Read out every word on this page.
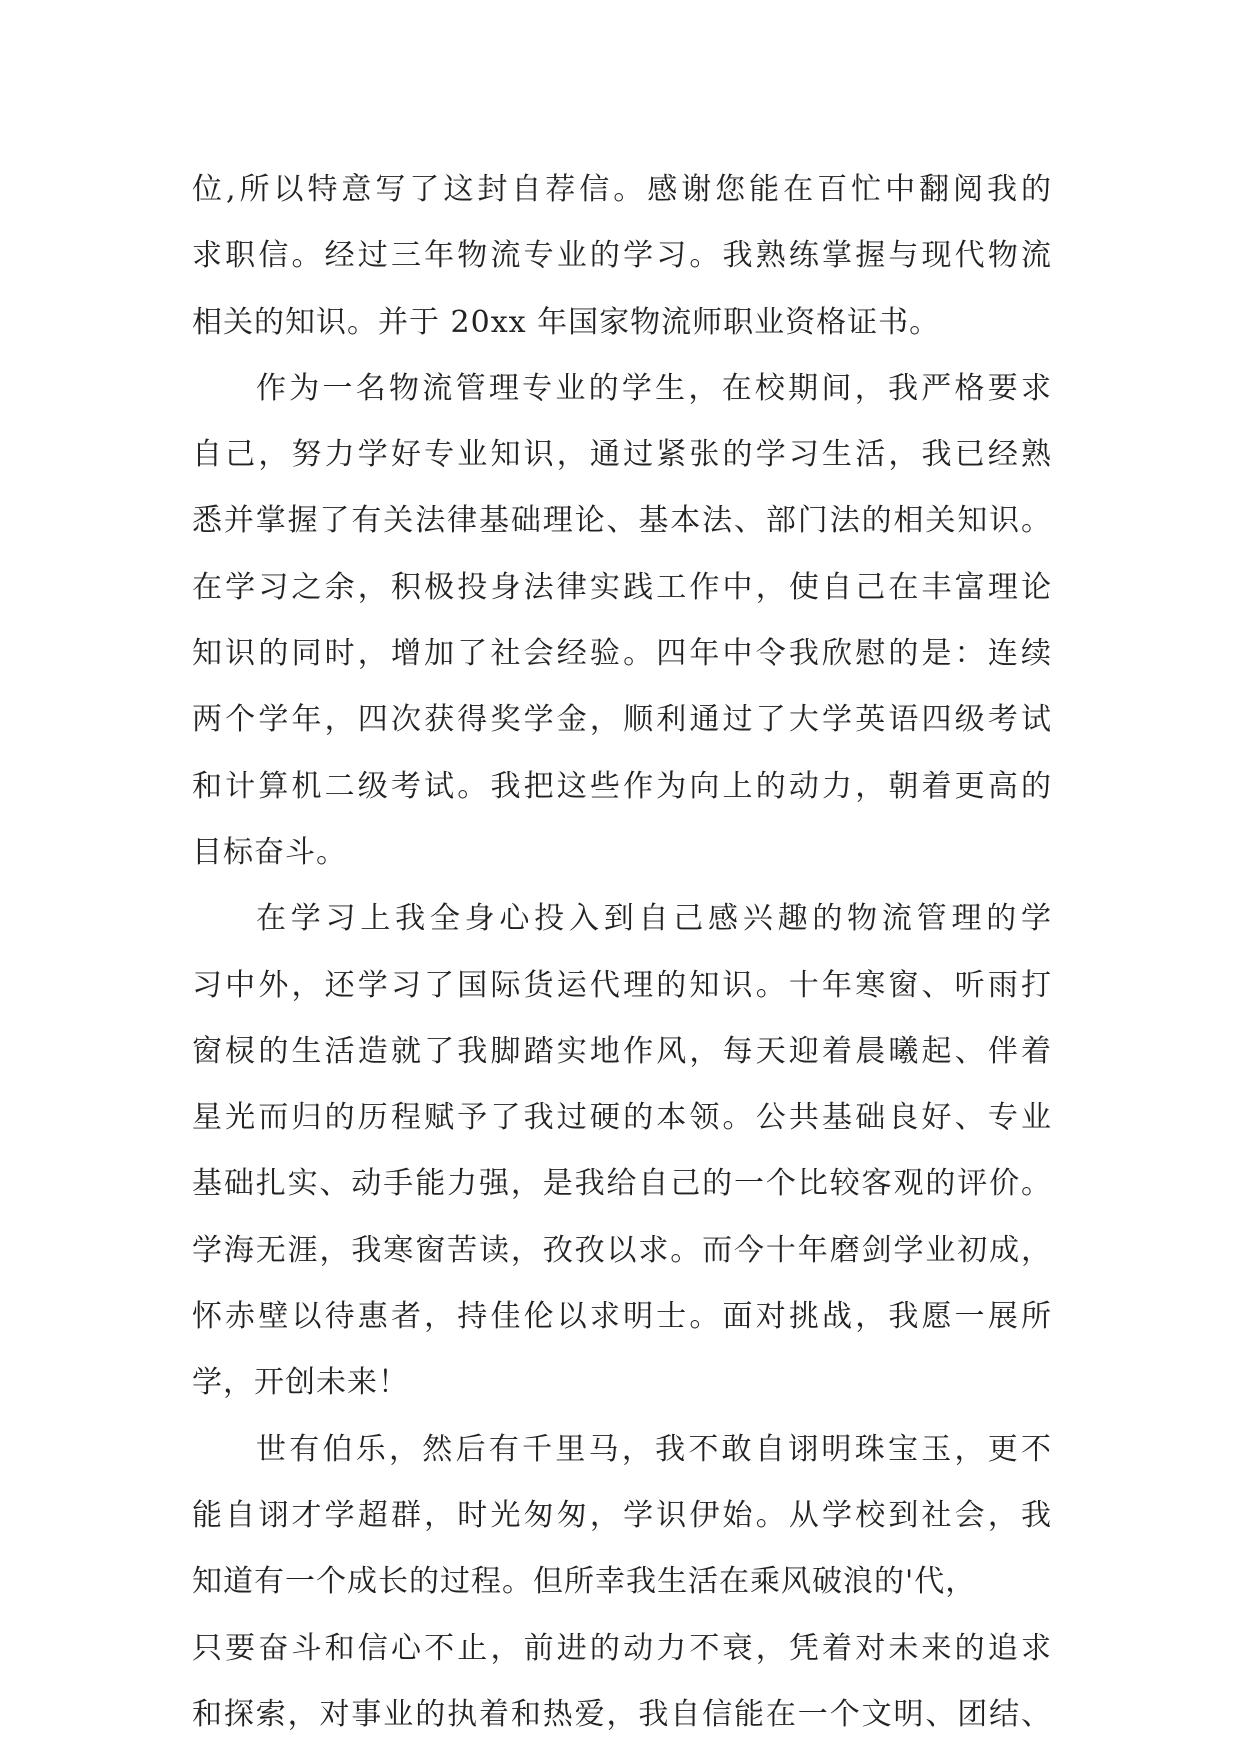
位,所以特意写了这封自荐信。感谢您能在百忙中翻阅我的
求职信。经过三年物流专业的学习。我熟练掌握与现代物流
相关的知识。并于 20xx 年国家物流师职业资格证书。
作为一名物流管理专业的学生，在校期间，我严格要求
自己，努力学好专业知识，通过紧张的学习生活，我已经熟
悉并掌握了有关法律基础理论、基本法、部门法的相关知识。
在学习之余，积极投身法律实践工作中，使自己在丰富理论
知识的同时，增加了社会经验。四年中令我欣慰的是：连续
两个学年，四次获得奖学金，顺利通过了大学英语四级考试
和计算机二级考试。我把这些作为向上的动力，朝着更高的
目标奋斗。
在学习上我全身心投入到自己感兴趣的物流管理的学
习中外，还学习了国际货运代理的知识。十年寒窗、听雨打
窗棂的生活造就了我脚踏实地作风，每天迎着晨曦起、伴着
星光而归的历程赋予了我过硬的本领。公共基础良好、专业
基础扎实、动手能力强，是我给自己的一个比较客观的评价。
学海无涯，我寒窗苦读，孜孜以求。而今十年磨剑学业初成，
怀赤壁以待惠者，持佳伦以求明士。面对挑战，我愿一展所
学，开创未来！
世有伯乐，然后有千里马，我不敢自诩明珠宝玉，更不
能自诩才学超群，时光匆匆，学识伊始。从学校到社会，我
知道有一个成长的过程。但所幸我生活在乘风破浪的'代，
只要奋斗和信心不止，前进的动力不衰，凭着对未来的追求
和探索，对事业的执着和热爱，我自信能在一个文明、团结、
